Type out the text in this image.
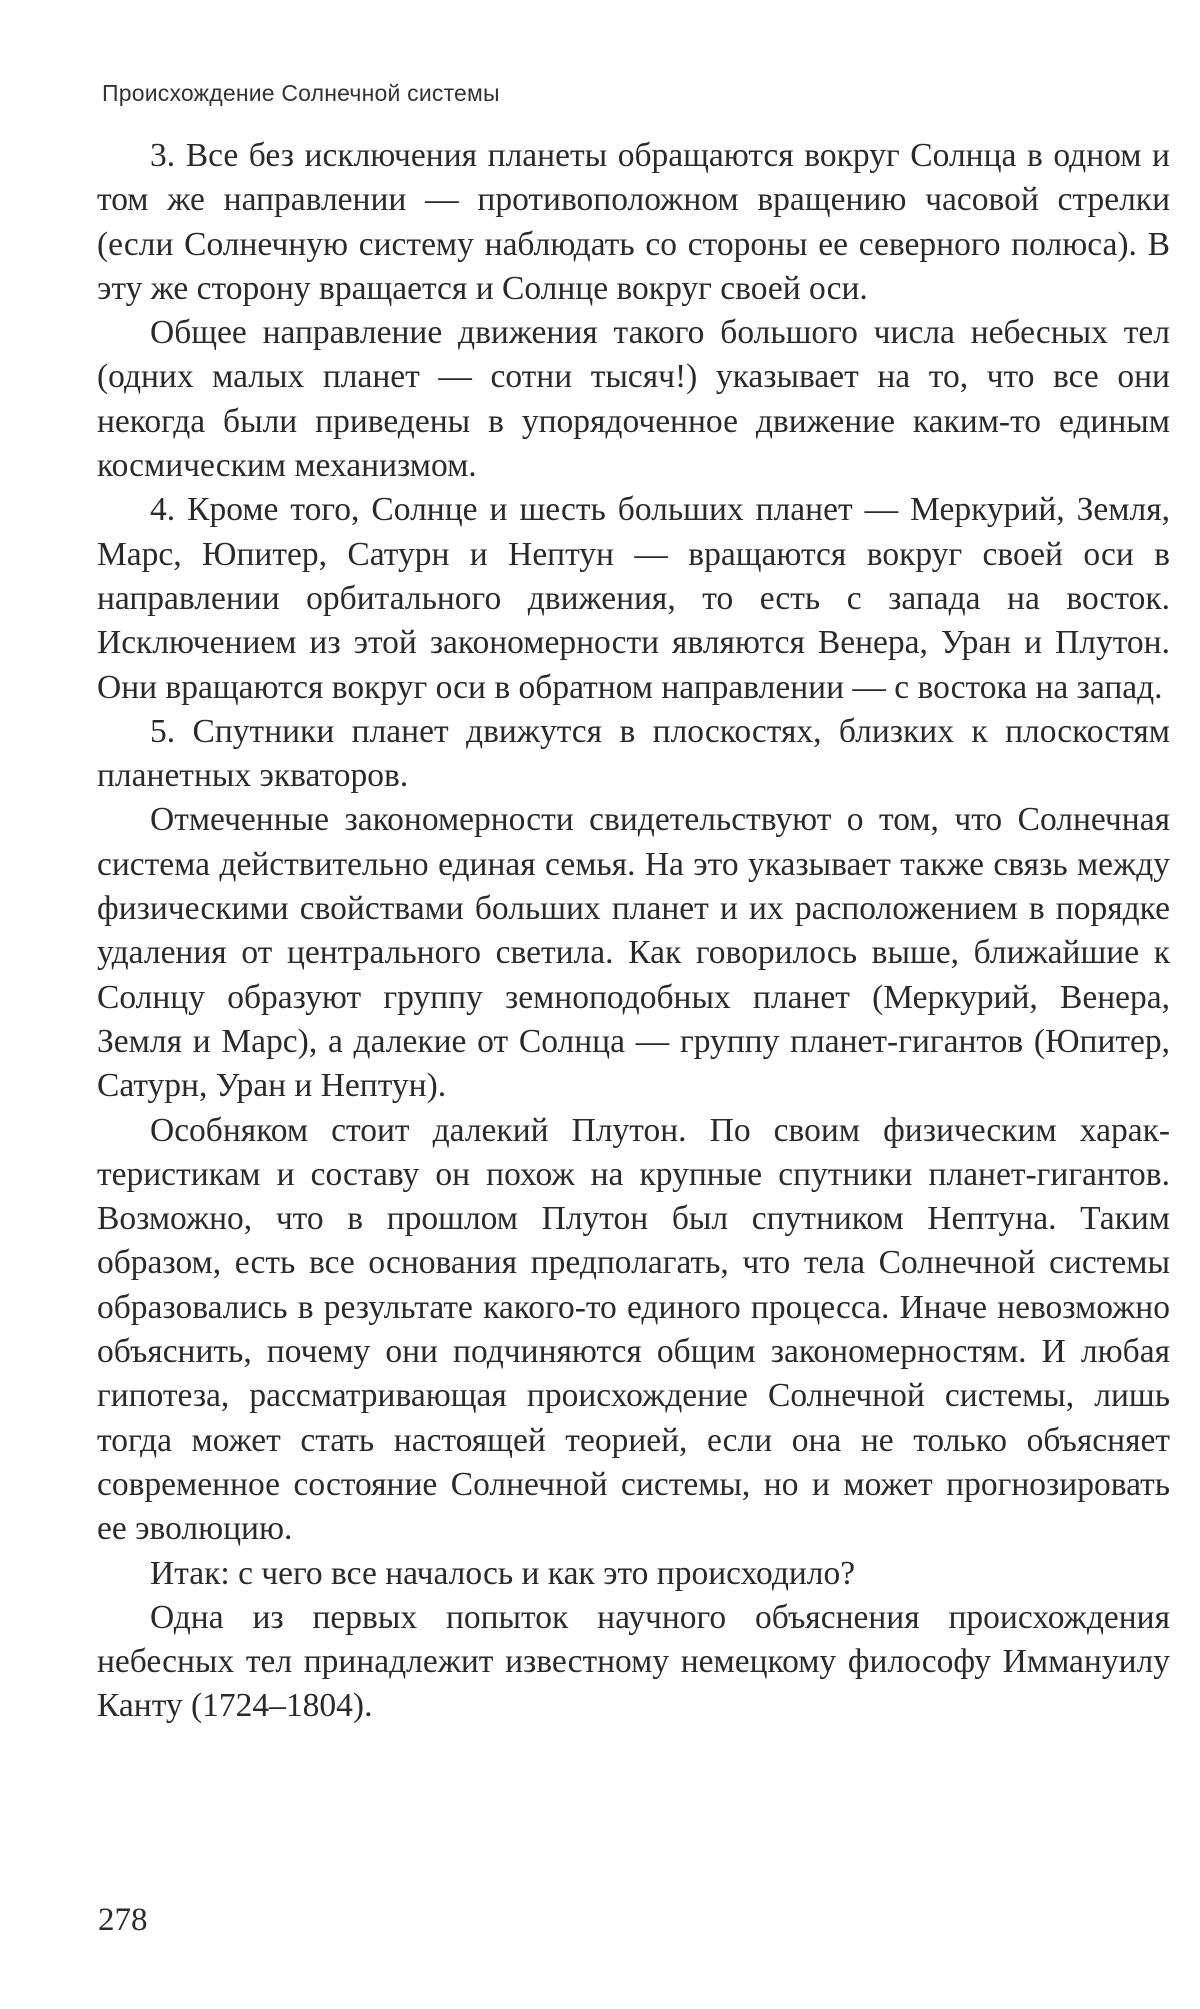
Происхождение Солнечной системы

3. Все без исключения планеты обращаются вокруг Солнца в одном и том же направлении — противоположном вращению часовой стрелки (если Солнечную систему наблюдать со стороны ее северного полюса). В эту же сторону вращается и Солнце вокруг своей оси.

Общее направление движения такого большого числа небесных тел (одних малых планет — сотни тысяч!) указывает на то, что все они некогда были приведены в упорядоченное движение каким-то единым космическим механизмом.

4. Кроме того, Солнце и шесть больших планет — Меркурий, Земля, Марс, Юпитер, Сатурн и Нептун — вращаются вокруг своей оси в направлении орбитального движения, то есть с запада на восток. Исключением из этой закономерности являются Венера, Уран и Плутон. Они вращаются вокруг оси в обратном направлении — с востока на запад.

5. Спутники планет движутся в плоскостях, близких к плоскостям планетных экваторов.

Отмеченные закономерности свидетельствуют о том, что Солнечная система действительно единая семья. На это указывает также связь между физическими свойствами больших планет и их расположением в порядке удаления от центрального светила. Как говорилось выше, ближайшие к Солнцу образуют группу земноподобных планет (Меркурий, Венера, Земля и Марс), а далекие от Солнца — группу планет-гигантов (Юпитер, Сатурн, Уран и Нептун).

Особняком стоит далекий Плутон. По своим физическим характеристикам и составу он похож на крупные спутники планет-гигантов. Возможно, что в прошлом Плутон был спутником Нептуна. Таким образом, есть все основания предполагать, что тела Солнечной системы образовались в результате какого-то единого процесса. Иначе невозможно объяснить, почему они подчиняются общим закономерностям. И любая гипотеза, рассматривающая происхождение Солнечной системы, лишь тогда может стать настоящей теорией, если она не только объясняет современное состояние Солнечной системы, но и может прогнозировать ее эволюцию.

Итак: с чего все началось и как это происходило?

Одна из первых попыток научного объяснения происхождения небесных тел принадлежит известному немецкому философу Иммануилу Канту (1724–1804).

278
